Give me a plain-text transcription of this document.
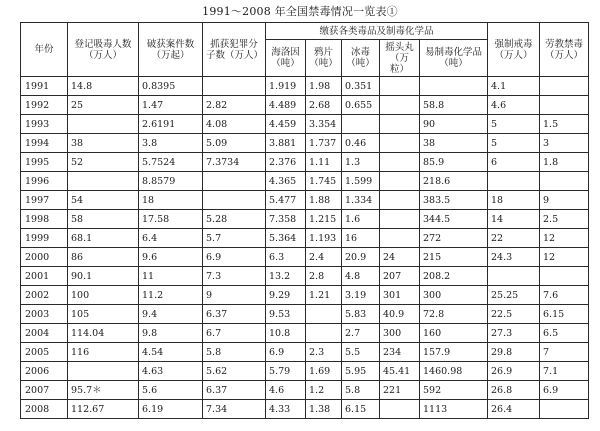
1991～2008 年全国禁毒情况一览表①
年份	登记吸毒人数（万人）	破获案件数（万起）	抓获犯罪分子数（万人）	缴获各类毒品及制毒化学品					强制戒毒（万人）	劳教禁毒（万人）
				海洛因（吨）	鸦片（吨）	冰毒（吨）	摇头丸（万粒）	易制毒化学品（吨）		
1991	14.8	0.8395		1.919	1.98	0.351			4.1	
1992	25	1.47	2.82	4.489	2.68	0.655		58.8	4.6	
1993		2.6191	4.08	4.459	3.354			90	5	1.5
1994	38	3.8	5.09	3.881	1.737	0.46		38	5	3
1995	52	5.7524	7.3734	2.376	1.11	1.3		85.9	6	1.8
1996		8.8579		4.365	1.745	1.599		218.6		
1997	54	18		5.477	1.88	1.334		383.5	18	9
1998	58	17.58	5.28	7.358	1.215	1.6		344.5	14	2.5
1999	68.1	6.4	5.7	5.364	1.193	16		272	22	12
2000	86	9.6	6.9	6.3	2.4	20.9	24	215	24.3	12
2001	90.1	11	7.3	13.2	2.8	4.8	207	208.2		
2002	100	11.2	9	9.29	1.21	3.19	301	300	25.25	7.6
2003	105	9.4	6.37	9.53		5.83	40.9	72.8	22.5	6.15
2004	114.04	9.8	6.7	10.8		2.7	300	160	27.3	6.5
2005	116	4.54	5.8	6.9	2.3	5.5	234	157.9	29.8	7
2006		4.63	5.62	5.79	1.69	5.95	45.41	1460.98	26.9	7.1
2007	95.7＊	5.6	6.37	4.6	1.2	5.8	221	592	26.8	6.9
2008	112.67	6.19	7.34	4.33	1.38	6.15		1113	26.4	
